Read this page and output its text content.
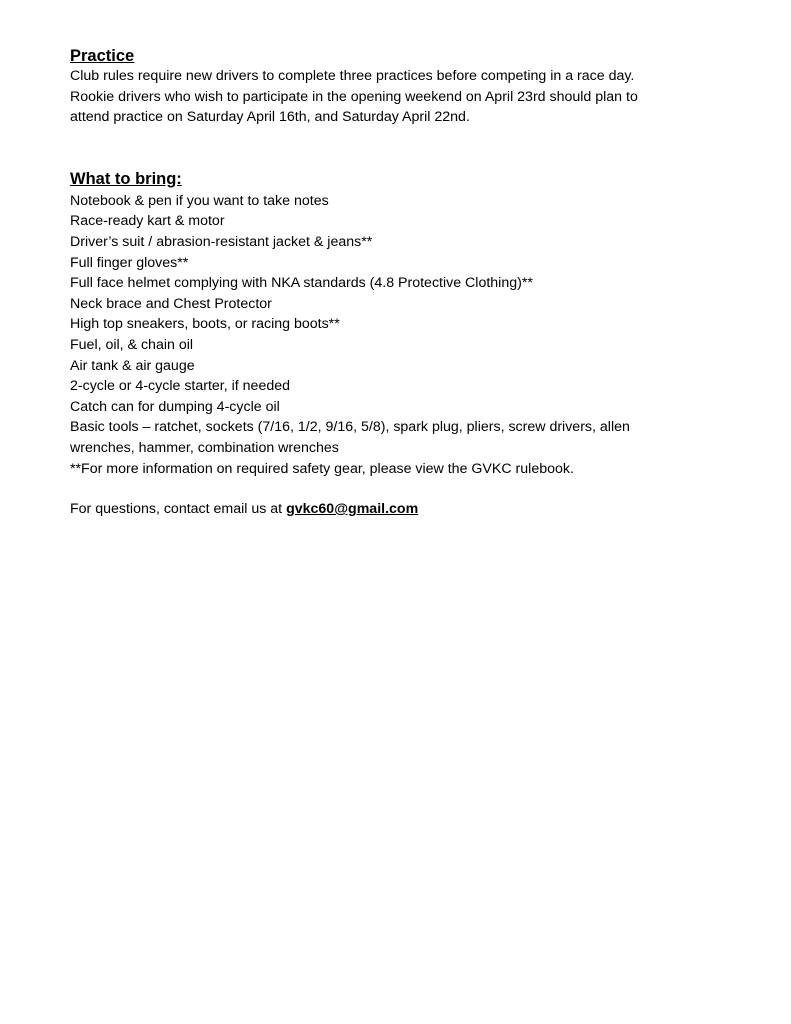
Practice

Club rules require new drivers to complete three practices before competing in a race day.

Rookie drivers who wish to participate in the opening weekend on April 23rd should plan to

attend practice on Saturday April 16th, and Saturday April 22nd.

What to bring:
Notebook & pen if you want to take notes
Race-ready kart & motor
Driver’s suit / abrasion-resistant jacket & jeans**
Full finger gloves**
Full face helmet complying with NKA standards (4.8 Protective Clothing)**
Neck brace and Chest Protector
High top sneakers, boots, or racing boots**
Fuel, oil, & chain oil
Air tank & air gauge
2-cycle or 4-cycle starter, if needed
Catch can for dumping 4-cycle oil
Basic tools – ratchet, sockets (7/16, 1/2, 9/16, 5/8), spark plug, pliers, screw drivers, allen
wrenches, hammer, combination wrenches
**For more information on required safety gear, please view the GVKC rulebook.

For questions, contact email us at gvkc60@gmail.com
